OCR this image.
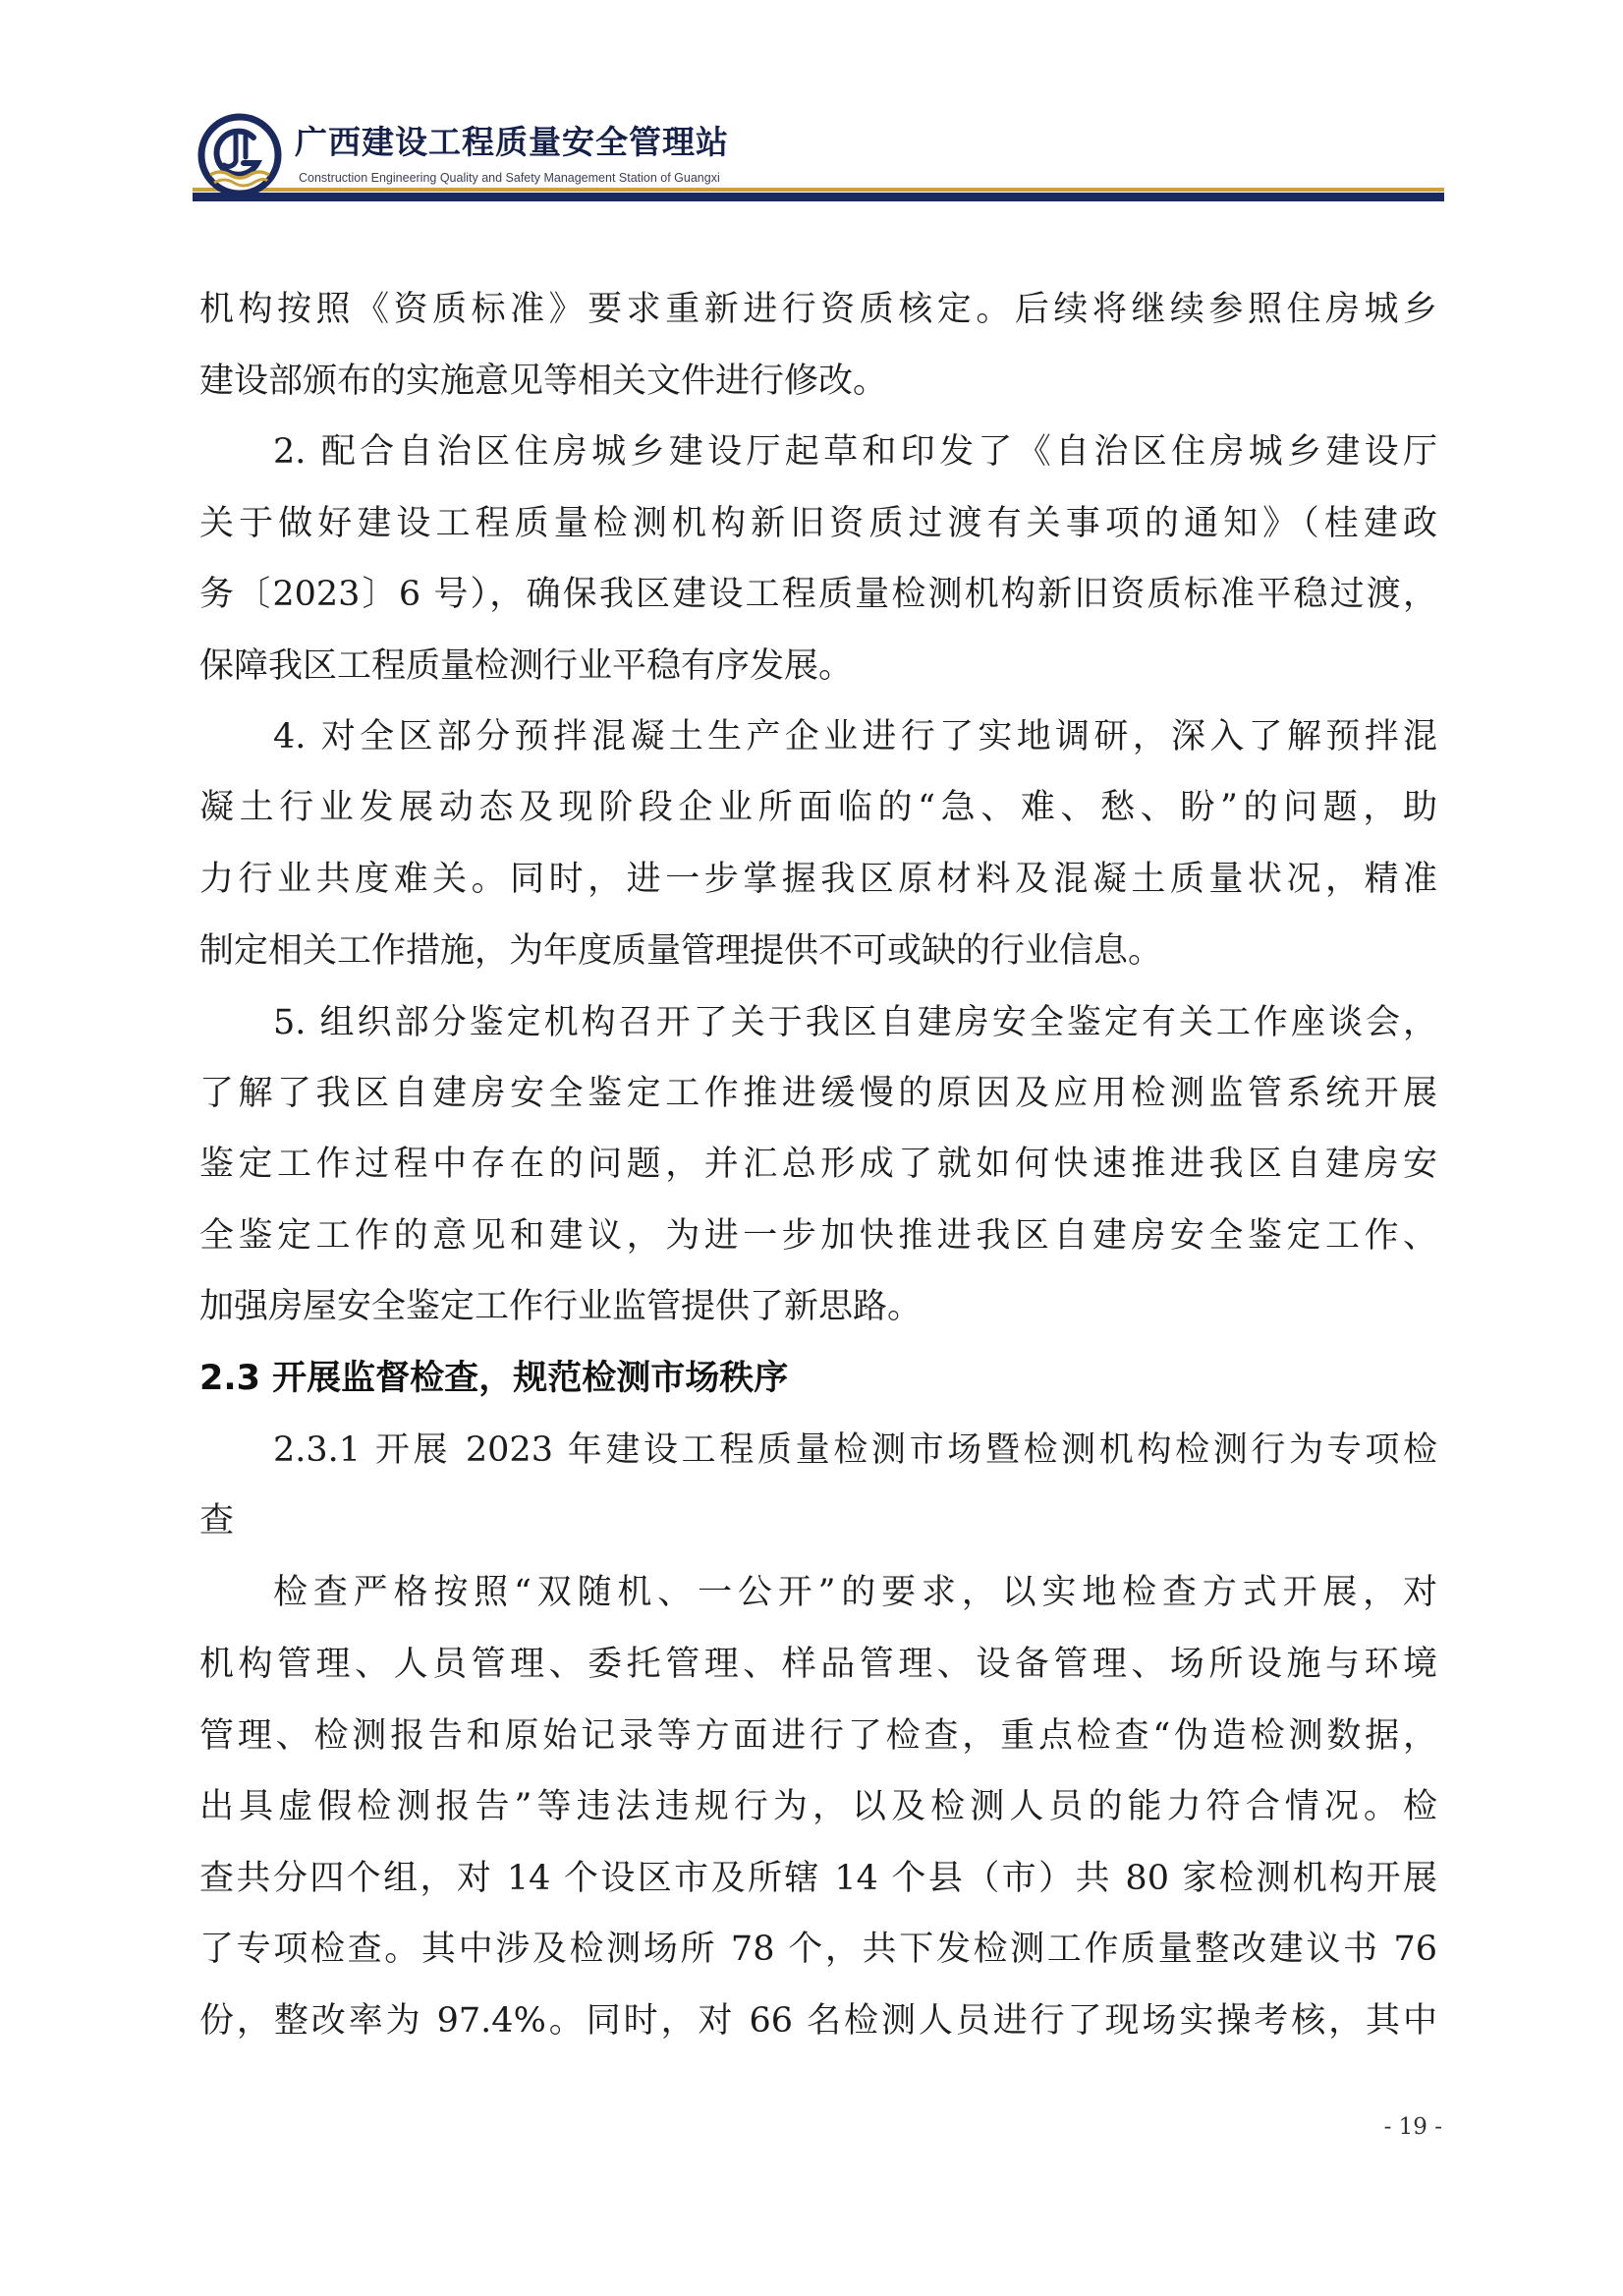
广西建设工程质量安全管理站
Construction Engineering Quality and Safety Management Station of Guangxi
机构按照《资质标准》要求重新进行资质核定。后续将继续参照住房城乡
建设部颁布的实施意见等相关文件进行修改。
2. 配合自治区住房城乡建设厅起草和印发了《自治区住房城乡建设厅
关于做好建设工程质量检测机构新旧资质过渡有关事项的通知》（桂建政
务〔2023〕6 号），确保我区建设工程质量检测机构新旧资质标准平稳过渡，
保障我区工程质量检测行业平稳有序发展。
4. 对全区部分预拌混凝土生产企业进行了实地调研，深入了解预拌混
凝土行业发展动态及现阶段企业所面临的“急、难、愁、盼”的问题，助
力行业共度难关。同时，进一步掌握我区原材料及混凝土质量状况，精准
制定相关工作措施，为年度质量管理提供不可或缺的行业信息。
5. 组织部分鉴定机构召开了关于我区自建房安全鉴定有关工作座谈会，
了解了我区自建房安全鉴定工作推进缓慢的原因及应用检测监管系统开展
鉴定工作过程中存在的问题，并汇总形成了就如何快速推进我区自建房安
全鉴定工作的意见和建议，为进一步加快推进我区自建房安全鉴定工作、
加强房屋安全鉴定工作行业监管提供了新思路。
2.3 开展监督检查，规范检测市场秩序
2.3.1 开展 2023 年建设工程质量检测市场暨检测机构检测行为专项检
查
检查严格按照“双随机、一公开”的要求，以实地检查方式开展，对
机构管理、人员管理、委托管理、样品管理、设备管理、场所设施与环境
管理、检测报告和原始记录等方面进行了检查，重点检查“伪造检测数据，
出具虚假检测报告”等违法违规行为，以及检测人员的能力符合情况。检
查共分四个组，对 14 个设区市及所辖 14 个县（市）共 80 家检测机构开展
了专项检查。其中涉及检测场所 78 个，共下发检测工作质量整改建议书 76
份，整改率为 97.4%。同时，对 66 名检测人员进行了现场实操考核，其中
- 19 -
